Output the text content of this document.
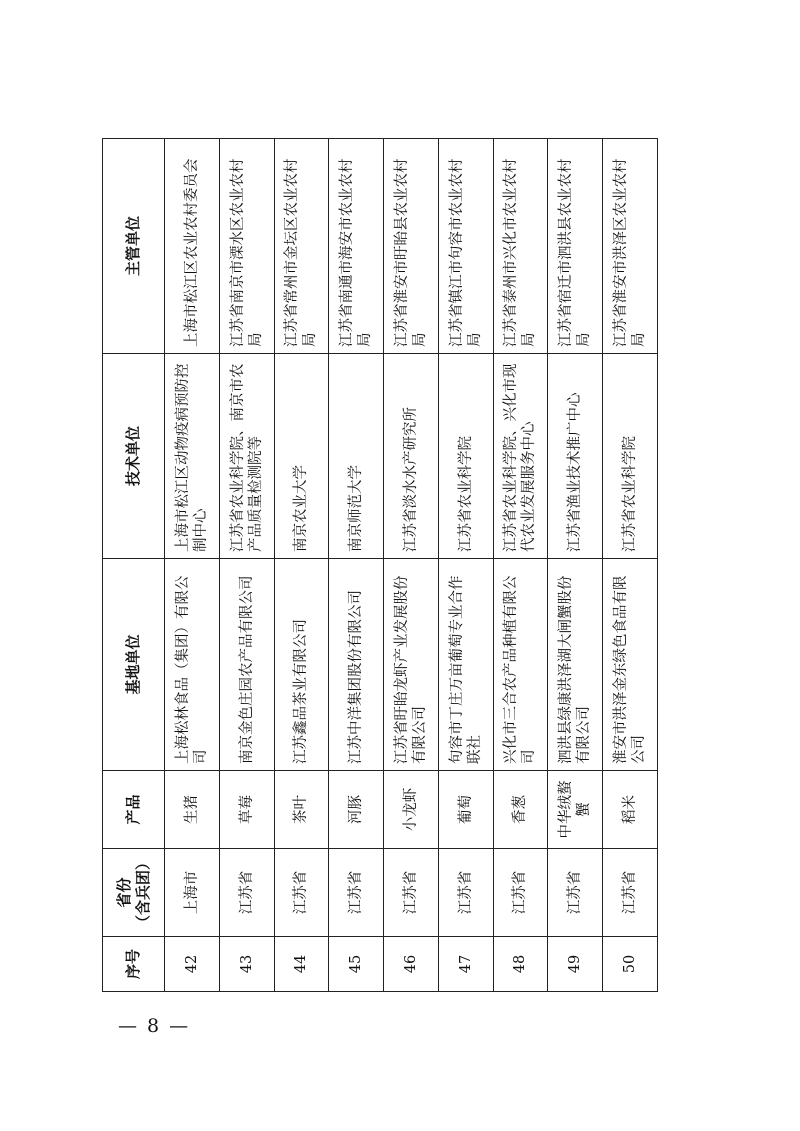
序号	省份 （含兵团）	产品	基地单位	技术单位	主管单位
42	上海市	生猪	上海松林食品（集团）有限公司	上海市松江区动物疫病预防控制中心	上海市松江区农业农村委员会
43	江苏省	草莓	南京金色庄园农产品有限公司	江苏省农业科学院、南京市农产品质量检测院等	江苏省南京市溧水区农业农村局
44	江苏省	茶叶	江苏鑫品茶业有限公司	南京农业大学	江苏省常州市金坛区农业农村局
45	江苏省	河豚	江苏中洋集团股份有限公司	南京师范大学	江苏省南通市海安市农业农村局
46	江苏省	小龙虾	江苏省盱眙龙虾产业发展股份有限公司	江苏省淡水水产研究所	江苏省淮安市盱眙县农业农村局
47	江苏省	葡萄	句容市丁庄万亩葡萄专业合作联社	江苏省农业科学院	江苏省镇江市句容市农业农村局
48	江苏省	香葱	兴化市三合农产品种植有限公司	江苏省农业科学院、兴化市现代农业发展服务中心	江苏省泰州市兴化市农业农村局
49	江苏省	中华绒螯蟹	泗洪县绿康洪泽湖大闸蟹股份有限公司	江苏省渔业技术推广中心	江苏省宿迁市泗洪县农业农村局
50	江苏省	稻米	淮安市洪泽金东绿色食品有限公司	江苏省农业科学院	江苏省淮安市洪泽区农业农村局
— 8 —
